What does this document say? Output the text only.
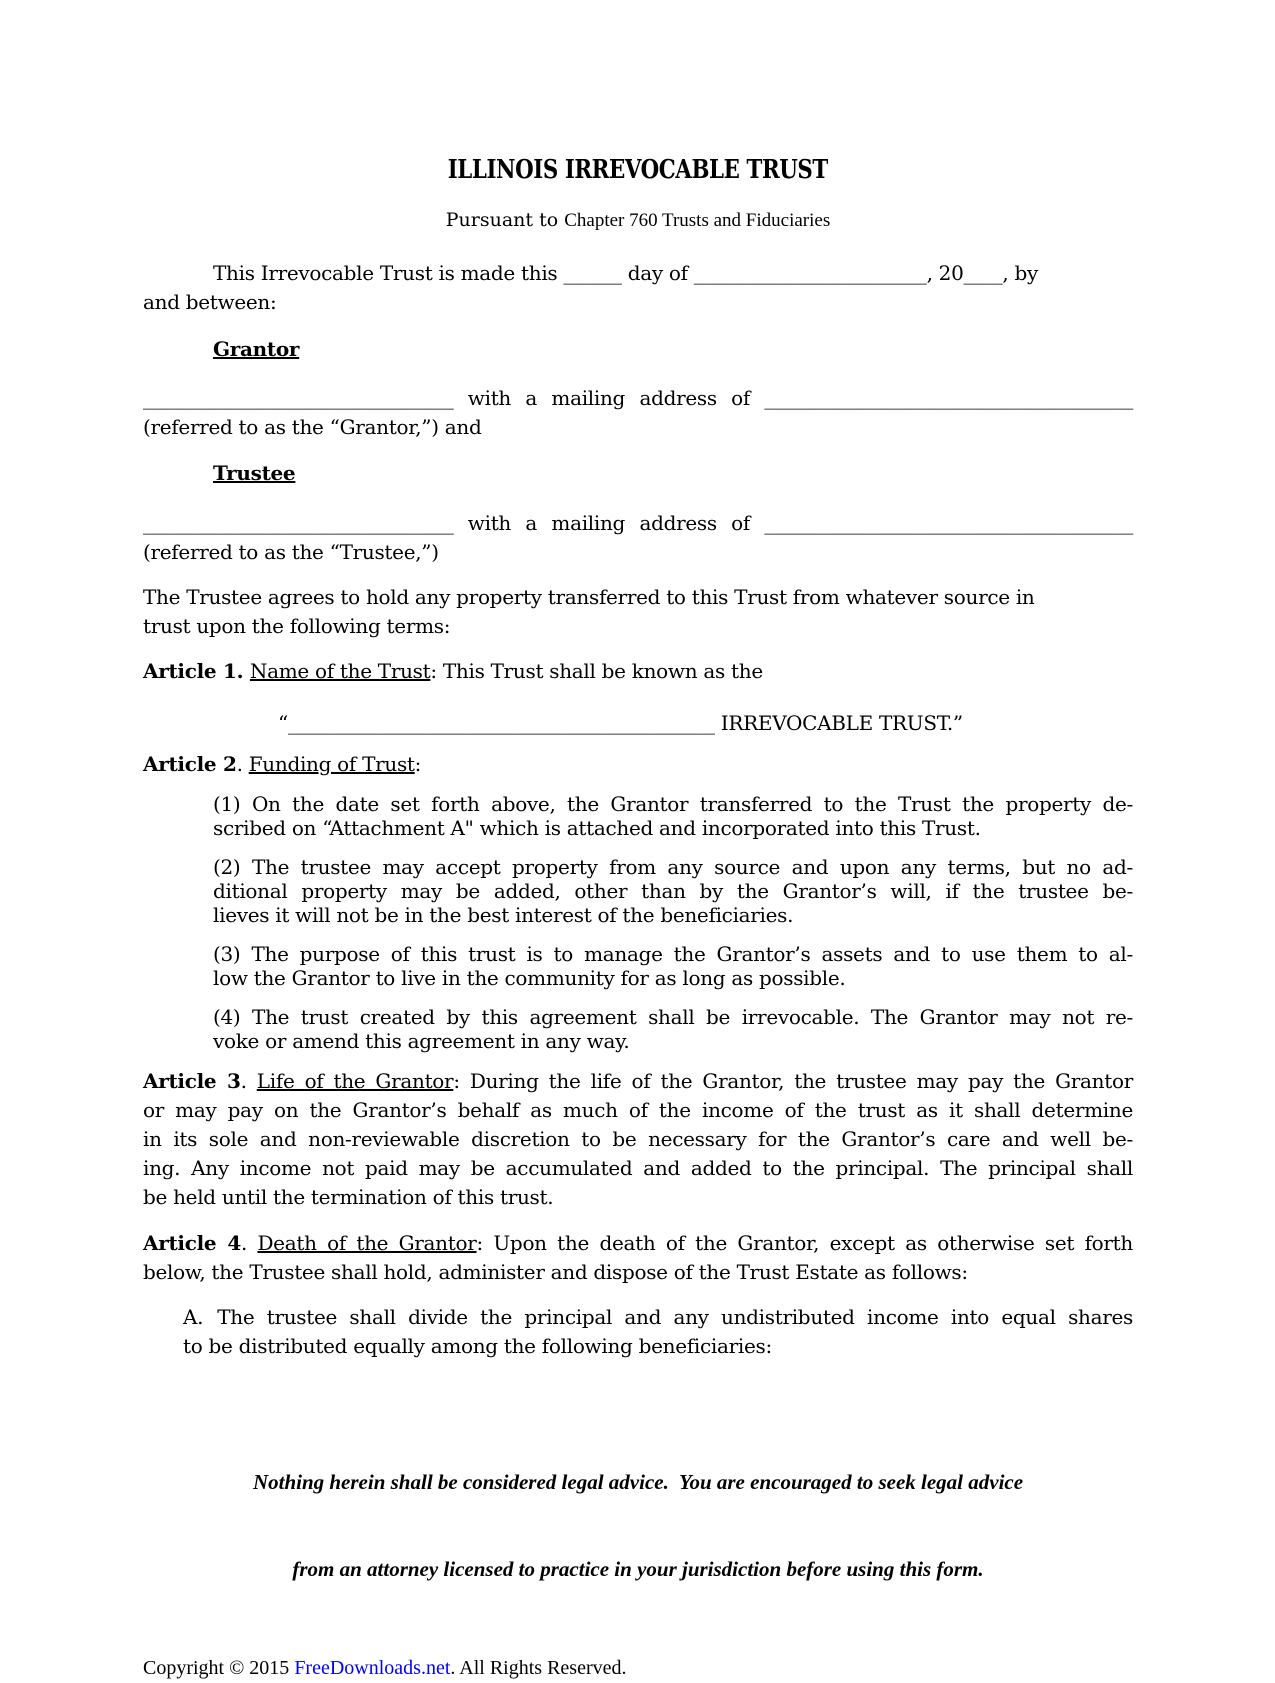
ILLINOIS IRREVOCABLE TRUST
Pursuant to Chapter 760 Trusts and Fiduciaries
This Irrevocable Trust is made this ______ day of ________________________, 20____, by
and between:
Grantor
________________________________ with a mailing address of ______________________________________
(referred to as the “Grantor,”) and
Trustee
________________________________ with a mailing address of ______________________________________
(referred to as the “Trustee,”)
The Trustee agrees to hold any property transferred to this Trust from whatever source in
trust upon the following terms:
Article 1. Name of the Trust: This Trust shall be known as the
“____________________________________________ IRREVOCABLE TRUST.”
Article 2. Funding of Trust:
(1) On the date set forth above, the Grantor transferred to the Trust the property de-
scribed on “Attachment A" which is attached and incorporated into this Trust.
(2) The trustee may accept property from any source and upon any terms, but no ad-
ditional property may be added, other than by the Grantor’s will, if the trustee be-
lieves it will not be in the best interest of the beneficiaries.
(3) The purpose of this trust is to manage the Grantor’s assets and to use them to al-
low the Grantor to live in the community for as long as possible.
(4) The trust created by this agreement shall be irrevocable. The Grantor may not re-
voke or amend this agreement in any way.
Article 3. Life of the Grantor: During the life of the Grantor, the trustee may pay the Grantor
or may pay on the Grantor’s behalf as much of the income of the trust as it shall determine
in its sole and non-reviewable discretion to be necessary for the Grantor’s care and well be-
ing. Any income not paid may be accumulated and added to the principal. The principal shall
be held until the termination of this trust.
Article 4. Death of the Grantor: Upon the death of the Grantor, except as otherwise set forth
below, the Trustee shall hold, administer and dispose of the Trust Estate as follows:
A. The trustee shall divide the principal and any undistributed income into equal shares
to be distributed equally among the following beneficiaries:

Nothing herein shall be considered legal advice.  You are encouraged to seek legal advice

from an attorney licensed to practice in your jurisdiction before using this form.

Copyright © 2015 FreeDownloads.net. All Rights Reserved.
